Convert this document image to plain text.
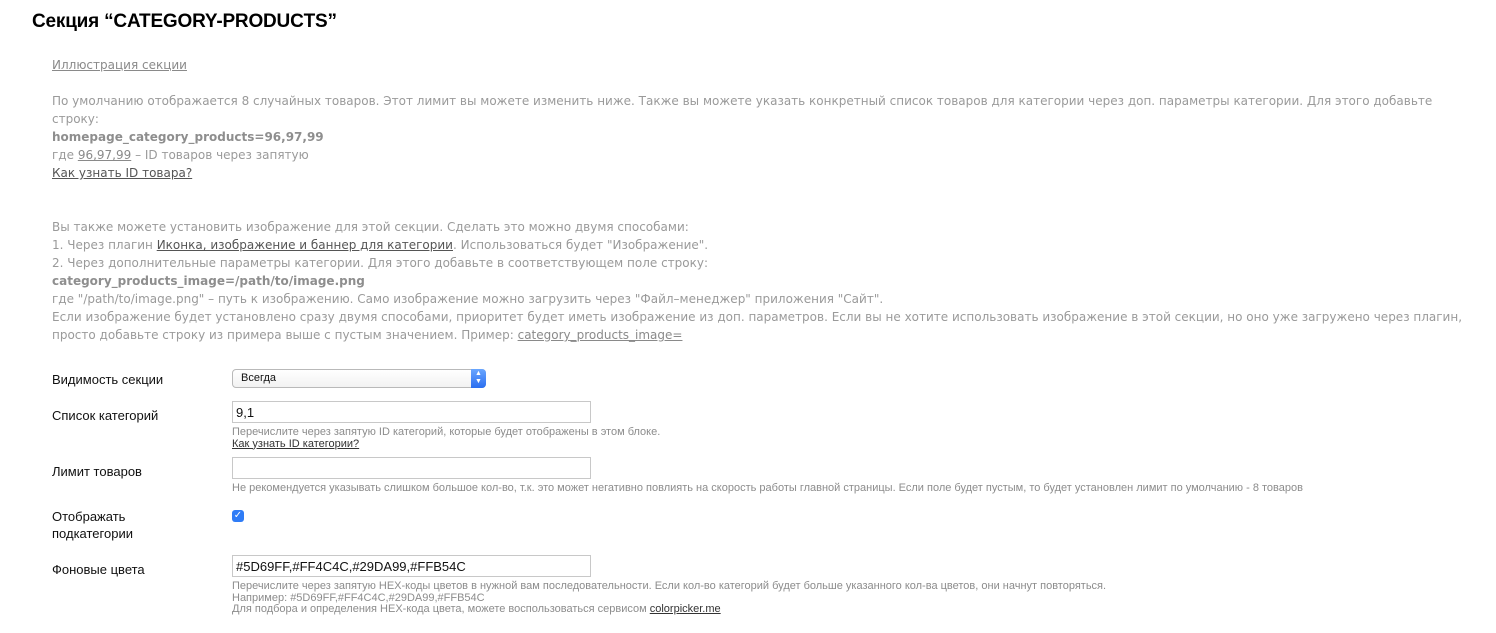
Секция “CATEGORY-PRODUCTS”
Иллюстрация секции
По умолчанию отображается 8 случайных товаров. Этот лимит вы можете изменить ниже. Также вы можете указать конкретный список товаров для категории через доп. параметры категории. Для этого добавьте строку:
homepage_category_products=96,97,99
где 96,97,99 – ID товаров через запятую
Как узнать ID товара?
Вы также можете установить изображение для этой секции. Сделать это можно двумя способами:
1. Через плагин Иконка, изображение и баннер для категории. Использоваться будет "Изображение".
2. Через дополнительные параметры категории. Для этого добавьте в соответствующем поле строку:
category_products_image=/path/to/image.png
где "/path/to/image.png" – путь к изображению. Само изображение можно загрузить через "Файл–менеджер" приложения "Сайт".
Если изображение будет установлено сразу двумя способами, приоритет будет иметь изображение из доп. параметров. Если вы не хотите использовать изображение в этой секции, но оно уже загружено через плагин,
просто добавьте строку из примера выше с пустым значением. Пример: category_products_image=
Видимость секции	Всегда	▲
▼
Список категорий
9,1
Перечислите через запятую ID категорий, которые будет отображены в этом блоке.
Как узнать ID категории?
Лимит товаров
Не рекомендуется указывать слишком большое кол-во, т.к. это может негативно повлиять на скорость работы главной страницы. Если поле будет пустым, то будет установлен лимит по умолчанию - 8 товаров
Отображать
подкатегории
✓
Фоновые цвета
#5D69FF,#FF4C4C,#29DA99,#FFB54C
Перечислите через запятую HEX-коды цветов в нужной вам последовательности. Если кол-во категорий будет больше указанного кол-ва цветов, они начнут повторяться.
Например: #5D69FF,#FF4C4C,#29DA99,#FFB54C
Для подбора и определения HEX-кода цвета, можете воспользоваться сервисом colorpicker.me
